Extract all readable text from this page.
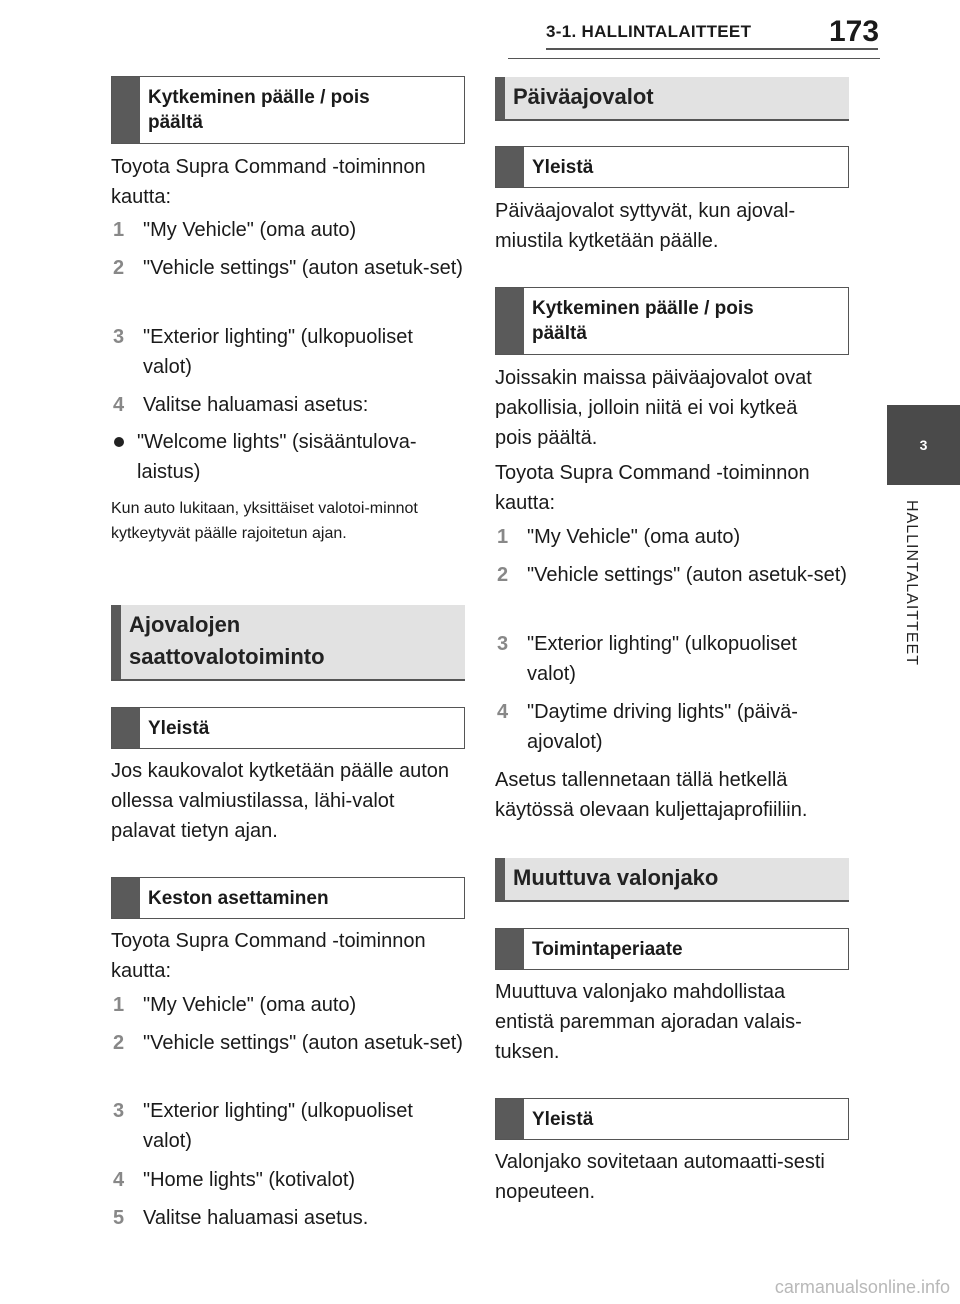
3-1. HALLINTALAITTEET	173
3
HALLINTALAITTEET
Kytkeminen päälle / pois päältä
Toyota Supra Command -toiminnon kautta:
1 "My Vehicle" (oma auto)
2 "Vehicle settings" (auton asetuk-set)
3 "Exterior lighting" (ulkopuoliset valot)
4 Valitse haluamasi asetus:
"Welcome lights" (sisääntulova-laistus)
Kun auto lukitaan, yksittäiset valotoi-minnot kytkeytyvät päälle rajoitetun ajan.
Ajovalojen saattovalotoiminto
Yleistä
Jos kaukovalot kytketään päälle auton ollessa valmiustilassa, lähi-valot palavat tietyn ajan.
Keston asettaminen
Toyota Supra Command -toiminnon kautta:
1 "My Vehicle" (oma auto)
2 "Vehicle settings" (auton asetuk-set)
3 "Exterior lighting" (ulkopuoliset valot)
4 "Home lights" (kotivalot)
5 Valitse haluamasi asetus.
Päiväajovalot
Yleistä
Päiväajovalot syttyvät, kun ajoval-miustila kytketään päälle.
Kytkeminen päälle / pois päältä
Joissakin maissa päiväajovalot ovat pakollisia, jolloin niitä ei voi kytkeä pois päältä.
Toyota Supra Command -toiminnon kautta:
1 "My Vehicle" (oma auto)
2 "Vehicle settings" (auton asetuk-set)
3 "Exterior lighting" (ulkopuoliset valot)
4 "Daytime driving lights" (päivä-ajovalot)
Asetus tallennetaan tällä hetkellä käytössä olevaan kuljettajaprofiiliin.
Muuttuva valonjako
Toimintaperiaate
Muuttuva valonjako mahdollistaa entistä paremman ajoradan valais-tuksen.
Yleistä
Valonjako sovitetaan automaatti-sesti nopeuteen.
carmanualsonline.info
